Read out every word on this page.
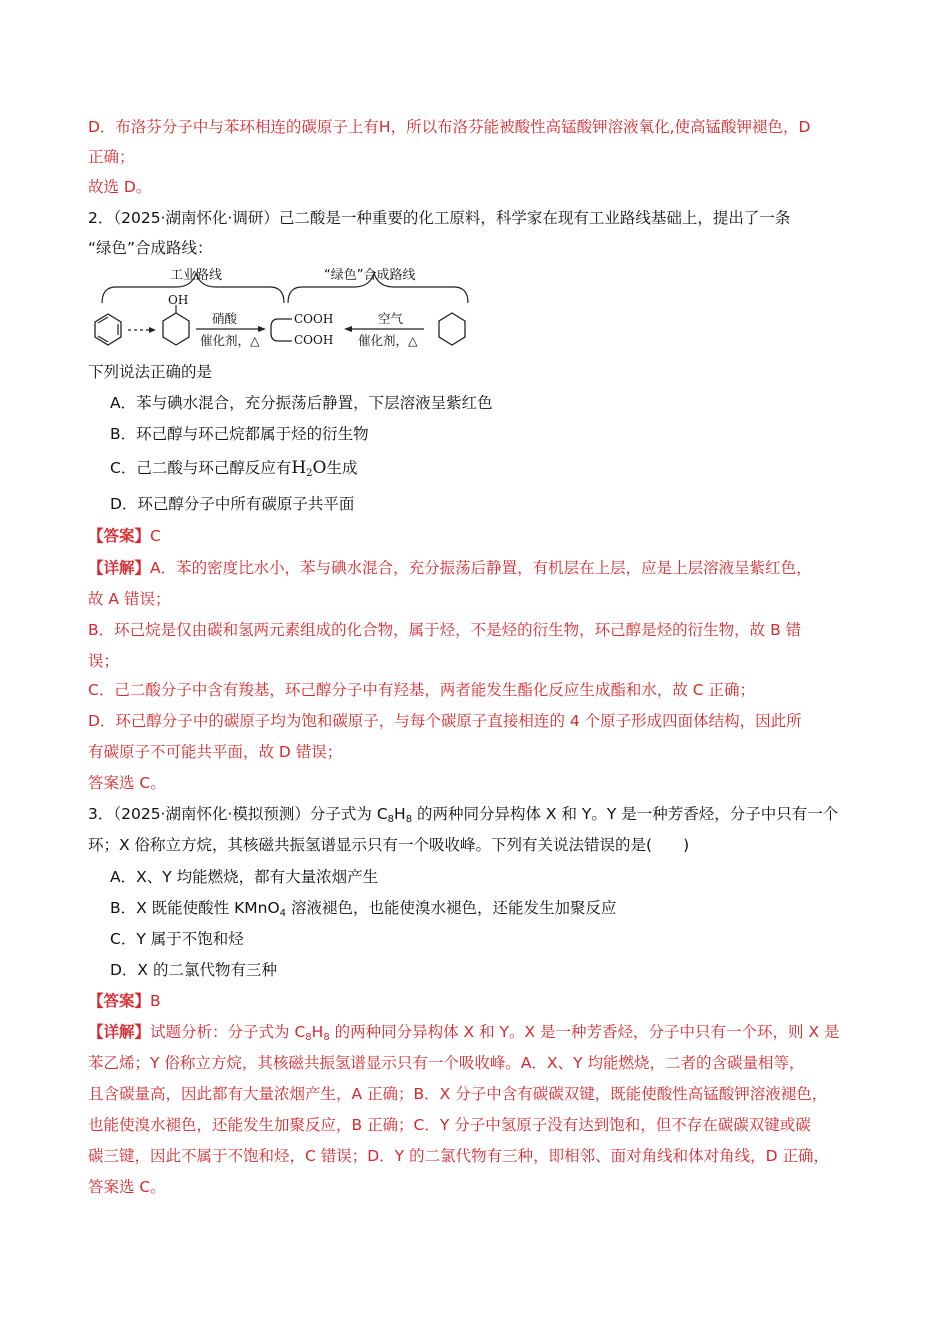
D．布洛芬分子中与苯环相连的碳原子上有H，所以布洛芬能被酸性高锰酸钾溶液氧化,使高锰酸钾褪色，D
正确；
故选 D。
2．（2025·湖南怀化·调研）己二酸是一种重要的化工原料，科学家在现有工业路线基础上，提出了一条
“绿色”合成路线：
工业路线	“绿色”合成路线
OH
硝酸
催化剂，△
COOH
COOH
空气
催化剂，△
下列说法正确的是
A．苯与碘水混合，充分振荡后静置，下层溶液呈紫红色
B．环己醇与环己烷都属于烃的衍生物
C．己二酸与环己醇反应有$H_2O$生成
D．环己醇分子中所有碳原子共平面
【答案】C
【详解】A．苯的密度比水小，苯与碘水混合，充分振荡后静置，有机层在上层，应是上层溶液呈紫红色，
故 A 错误；
B．环己烷是仅由碳和氢两元素组成的化合物，属于烃，不是烃的衍生物，环己醇是烃的衍生物，故 B 错
误；
C．己二酸分子中含有羧基，环己醇分子中有羟基，两者能发生酯化反应生成酯和水，故 C 正确；
D．环己醇分子中的碳原子均为饱和碳原子，与每个碳原子直接相连的 4 个原子形成四面体结构，因此所
有碳原子不可能共平面，故 D 错误；
答案选 C。
3．（2025·湖南怀化·模拟预测）分子式为 $C_8H_8$ 的两种同分异构体 X 和 Y。Y 是一种芳香烃，分子中只有一个
环；X 俗称立方烷，其核磁共振氢谱显示只有一个吸收峰。下列有关说法错误的是(　　)
A．X、Y 均能燃烧，都有大量浓烟产生
B．X 既能使酸性 KMnO$_4$ 溶液褪色，也能使溴水褪色，还能发生加聚反应
C．Y 属于不饱和烃
D．X 的二氯代物有三种
【答案】B
【详解】试题分析：分子式为 $C_8H_8$ 的两种同分异构体 X 和 Y。X 是一种芳香烃，分子中只有一个环，则 X 是
苯乙烯；Y 俗称立方烷，其核磁共振氢谱显示只有一个吸收峰。A．X、Y 均能燃烧，二者的含碳量相等，
且含碳量高，因此都有大量浓烟产生，A 正确；B．X 分子中含有碳碳双键，既能使酸性高锰酸钾溶液褪色，
也能使溴水褪色，还能发生加聚反应，B 正确；C．Y 分子中氢原子没有达到饱和，但不存在碳碳双键或碳
碳三键，因此不属于不饱和烃，C 错误；D．Y 的二氯代物有三种，即相邻、面对角线和体对角线，D 正确，
答案选 C。
